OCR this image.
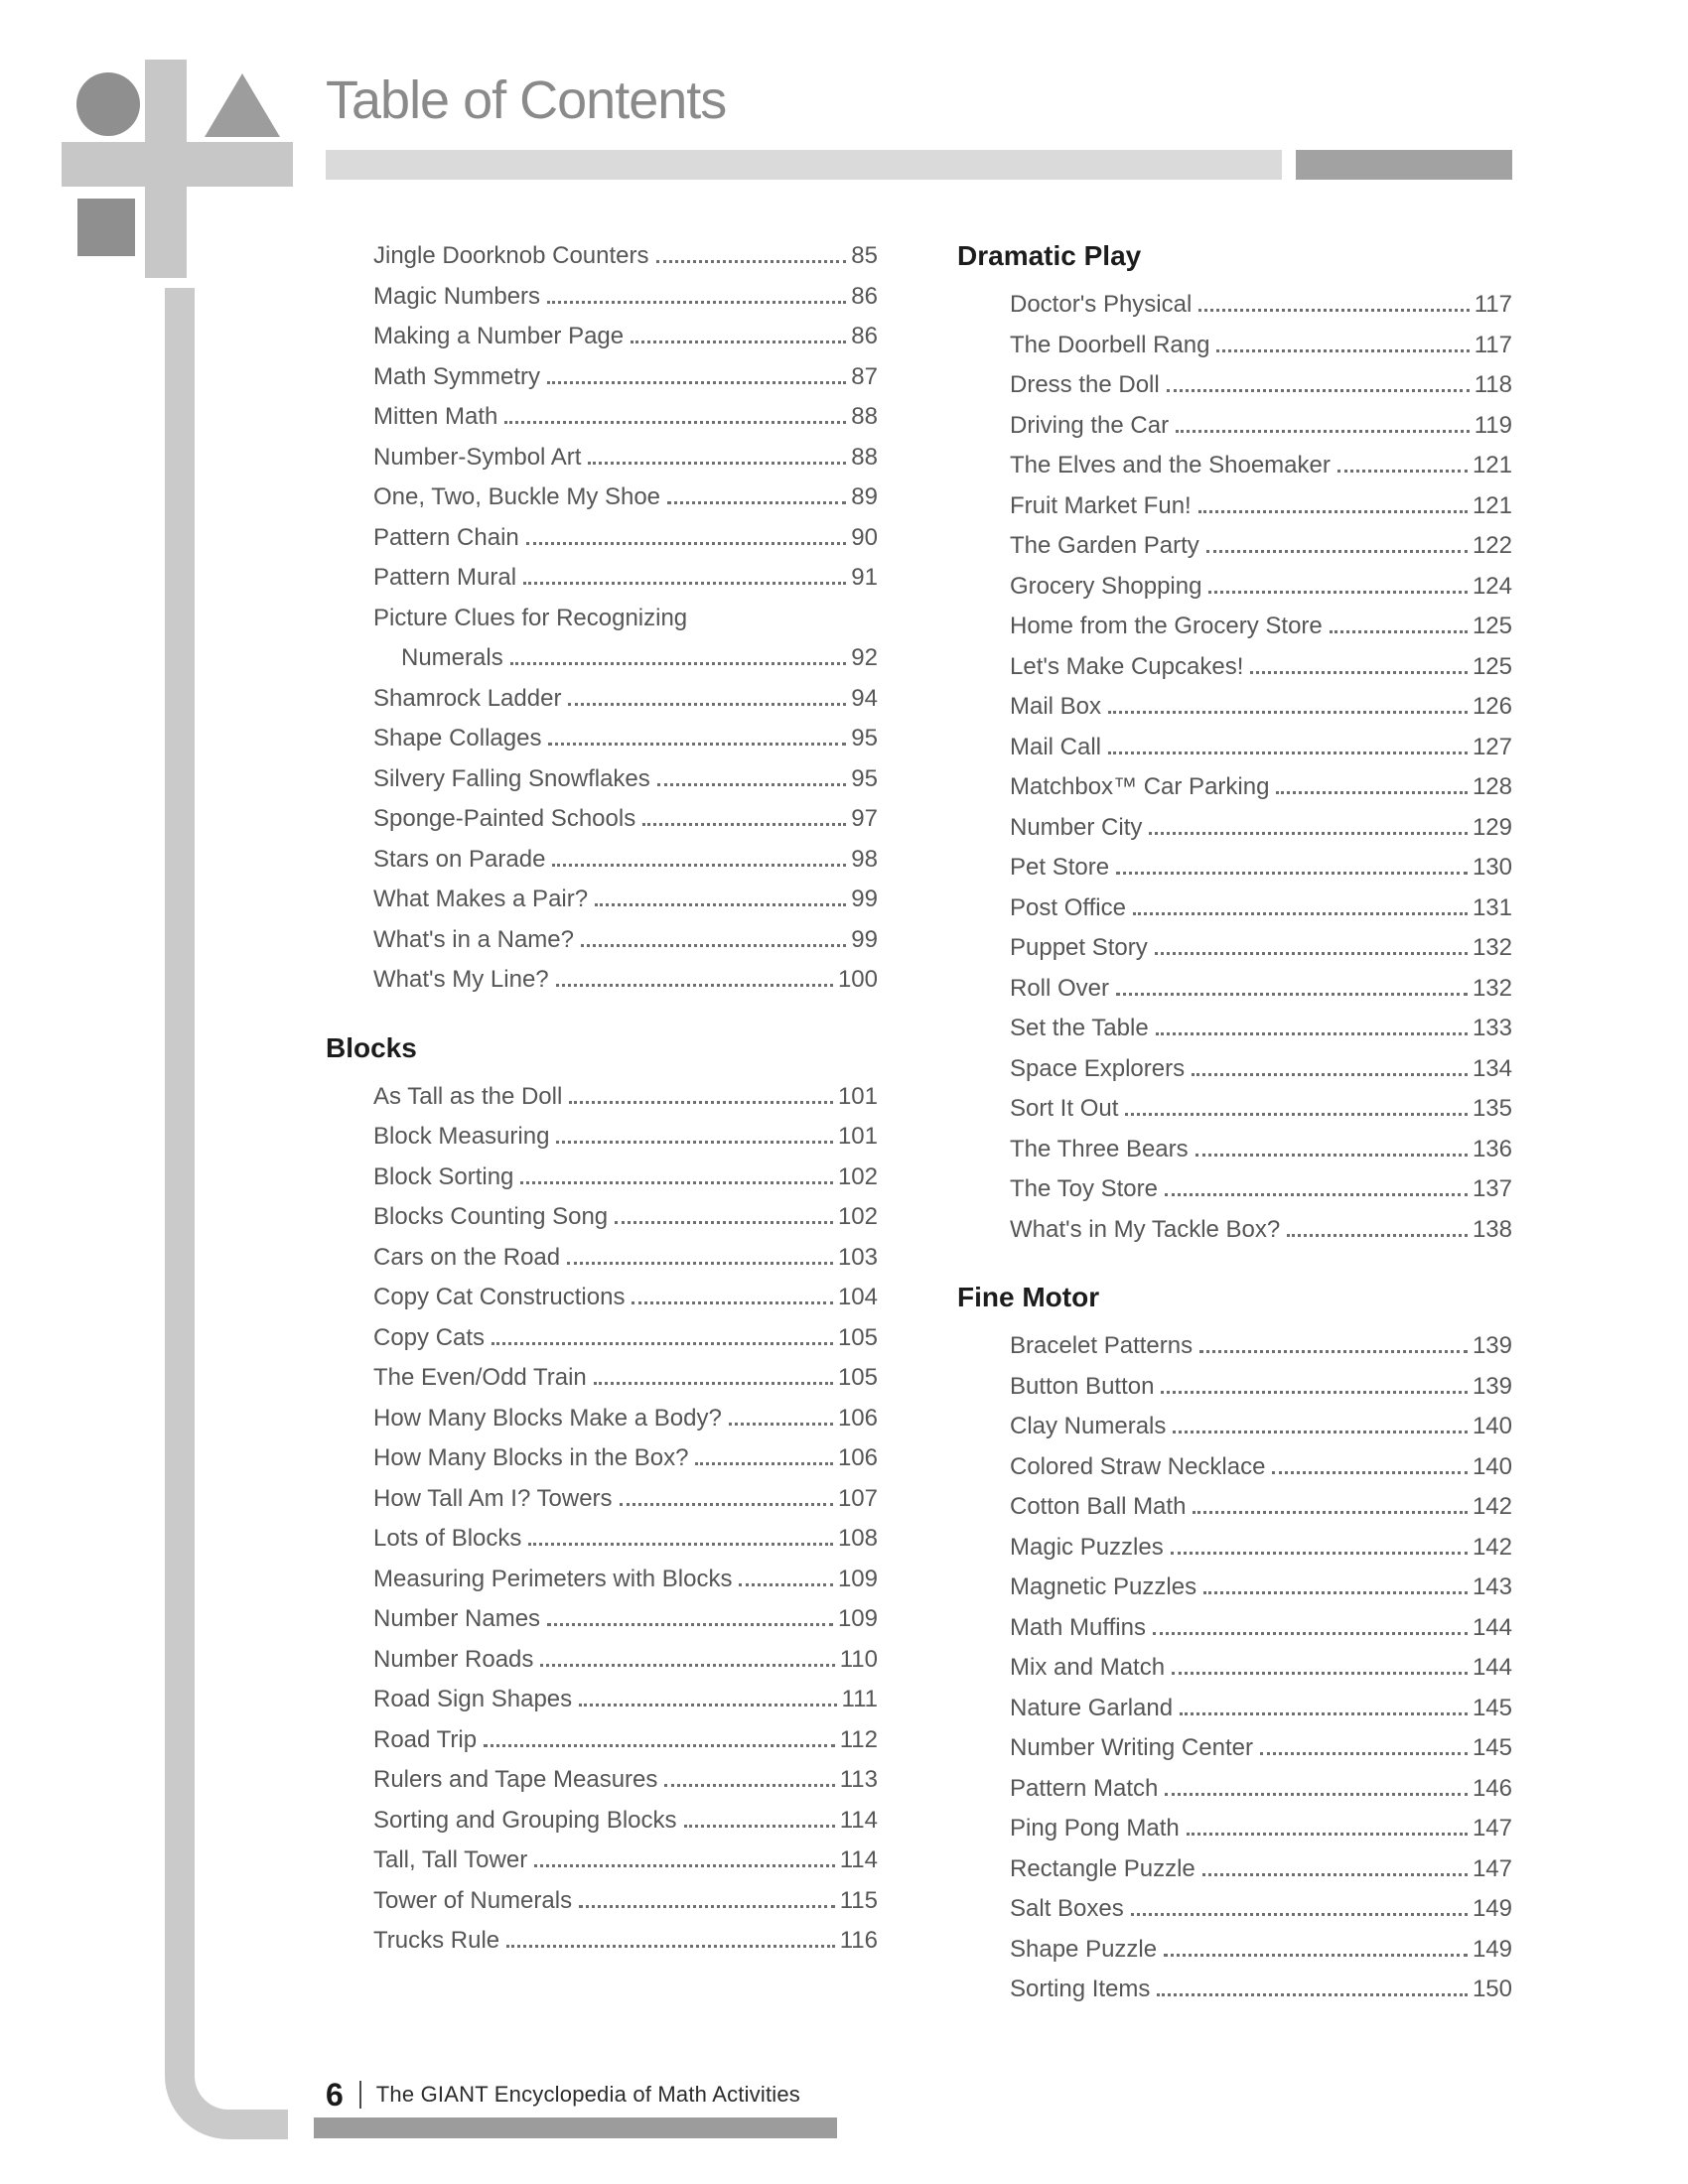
Table of Contents
Jingle Doorknob Counters	85
Magic Numbers	86
Making a Number Page	86
Math Symmetry	87
Mitten Math	88
Number-Symbol Art	88
One, Two, Buckle My Shoe	89
Pattern Chain	90
Pattern Mural	91
Picture Clues for Recognizing
Numerals	92
Shamrock Ladder	94
Shape Collages	95
Silvery Falling Snowflakes	95
Sponge-Painted Schools	97
Stars on Parade	98
What Makes a Pair?	99
What's in a Name?	99
What's My Line?	100
Blocks
As Tall as the Doll	101
Block Measuring	101
Block Sorting	102
Blocks Counting Song	102
Cars on the Road	103
Copy Cat Constructions	104
Copy Cats	105
The Even/Odd Train	105
How Many Blocks Make a Body?	106
How Many Blocks in the Box?	106
How Tall Am I? Towers	107
Lots of Blocks	108
Measuring Perimeters with Blocks	109
Number Names	109
Number Roads	110
Road Sign Shapes	111
Road Trip	112
Rulers and Tape Measures	113
Sorting and Grouping Blocks	114
Tall, Tall Tower	114
Tower of Numerals	115
Trucks Rule	116
Dramatic Play
Doctor's Physical	117
The Doorbell Rang	117
Dress the Doll	118
Driving the Car	119
The Elves and the Shoemaker	121
Fruit Market Fun!	121
The Garden Party	122
Grocery Shopping	124
Home from the Grocery Store	125
Let's Make Cupcakes!	125
Mail Box	126
Mail Call	127
Matchbox™ Car Parking	128
Number City	129
Pet Store	130
Post Office	131
Puppet Story	132
Roll Over	132
Set the Table	133
Space Explorers	134
Sort It Out	135
The Three Bears	136
The Toy Store	137
What's in My Tackle Box?	138
Fine Motor
Bracelet Patterns	139
Button Button	139
Clay Numerals	140
Colored Straw Necklace	140
Cotton Ball Math	142
Magic Puzzles	142
Magnetic Puzzles	143
Math Muffins	144
Mix and Match	144
Nature Garland	145
Number Writing Center	145
Pattern Match	146
Ping Pong Math	147
Rectangle Puzzle	147
Salt Boxes	149
Shape Puzzle	149
Sorting Items	150
6 The GIANT Encyclopedia of Math Activities
